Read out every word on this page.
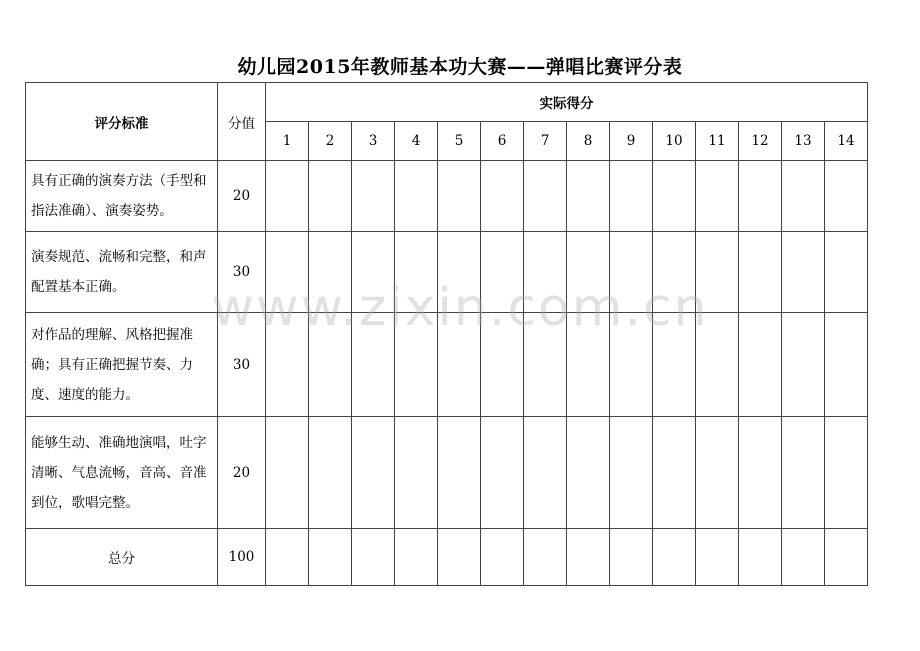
幼儿园2015年教师基本功大赛——弹唱比赛评分表
评分标准	分值	实际得分													
		1	2	3	4	5	6	7	8	9	10	11	12	13	14
具有正确的演奏方法（手型和指法准确）、演奏姿势。	20														
演奏规范、流畅和完整，和声配置基本正确。	30														
对作品的理解、风格把握准确；具有正确把握节奏、力度、速度的能力。	30														
能够生动、准确地演唱，吐字清晰、气息流畅，音高、音准到位，歌唱完整。	20														
总分	100														
www.zixin.com.cn
